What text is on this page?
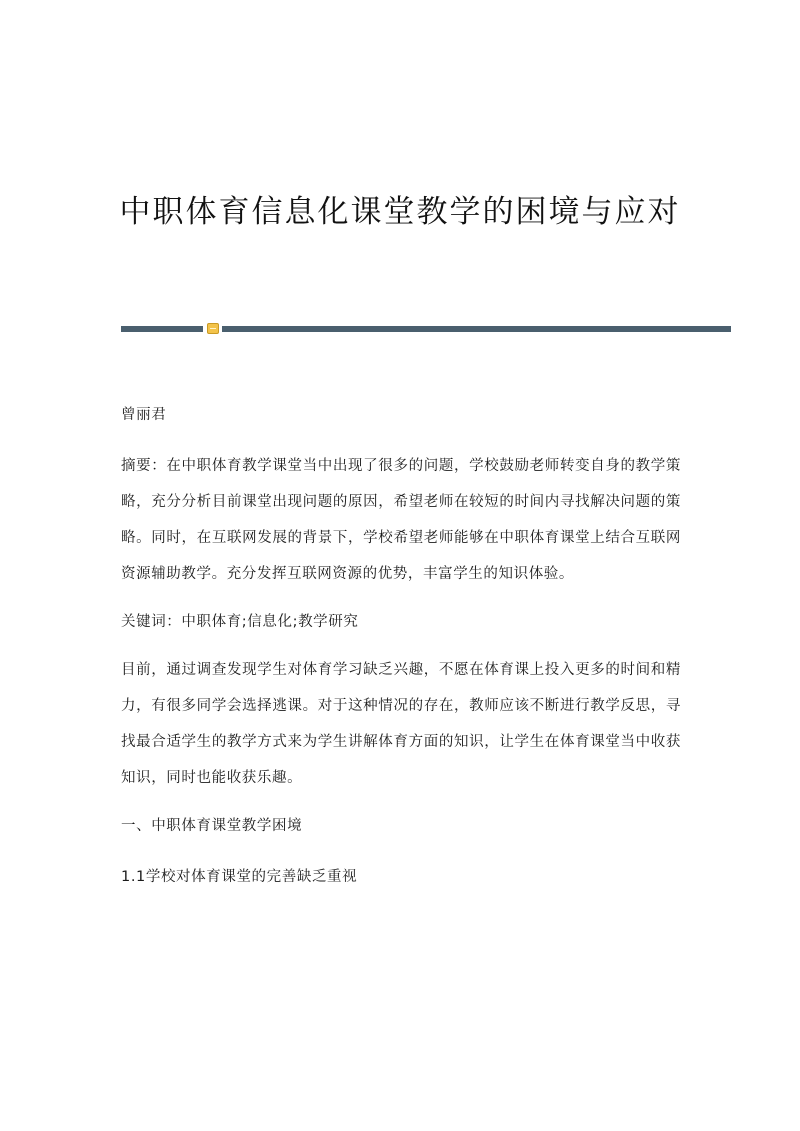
中职体育信息化课堂教学的困境与应对

曾丽君

摘要：在中职体育教学课堂当中出现了很多的问题，学校鼓励老师转变自身的教学策略，充分分析目前课堂出现问题的原因，希望老师在较短的时间内寻找解决问题的策略。同时，在互联网发展的背景下，学校希望老师能够在中职体育课堂上结合互联网资源辅助教学。充分发挥互联网资源的优势，丰富学生的知识体验。

关键词：中职体育;信息化;教学研究

目前，通过调查发现学生对体育学习缺乏兴趣，不愿在体育课上投入更多的时间和精力，有很多同学会选择逃课。对于这种情况的存在，教师应该不断进行教学反思，寻找最合适学生的教学方式来为学生讲解体育方面的知识，让学生在体育课堂当中收获知识，同时也能收获乐趣。

一、中职体育课堂教学困境

1.1学校对体育课堂的完善缺乏重视
